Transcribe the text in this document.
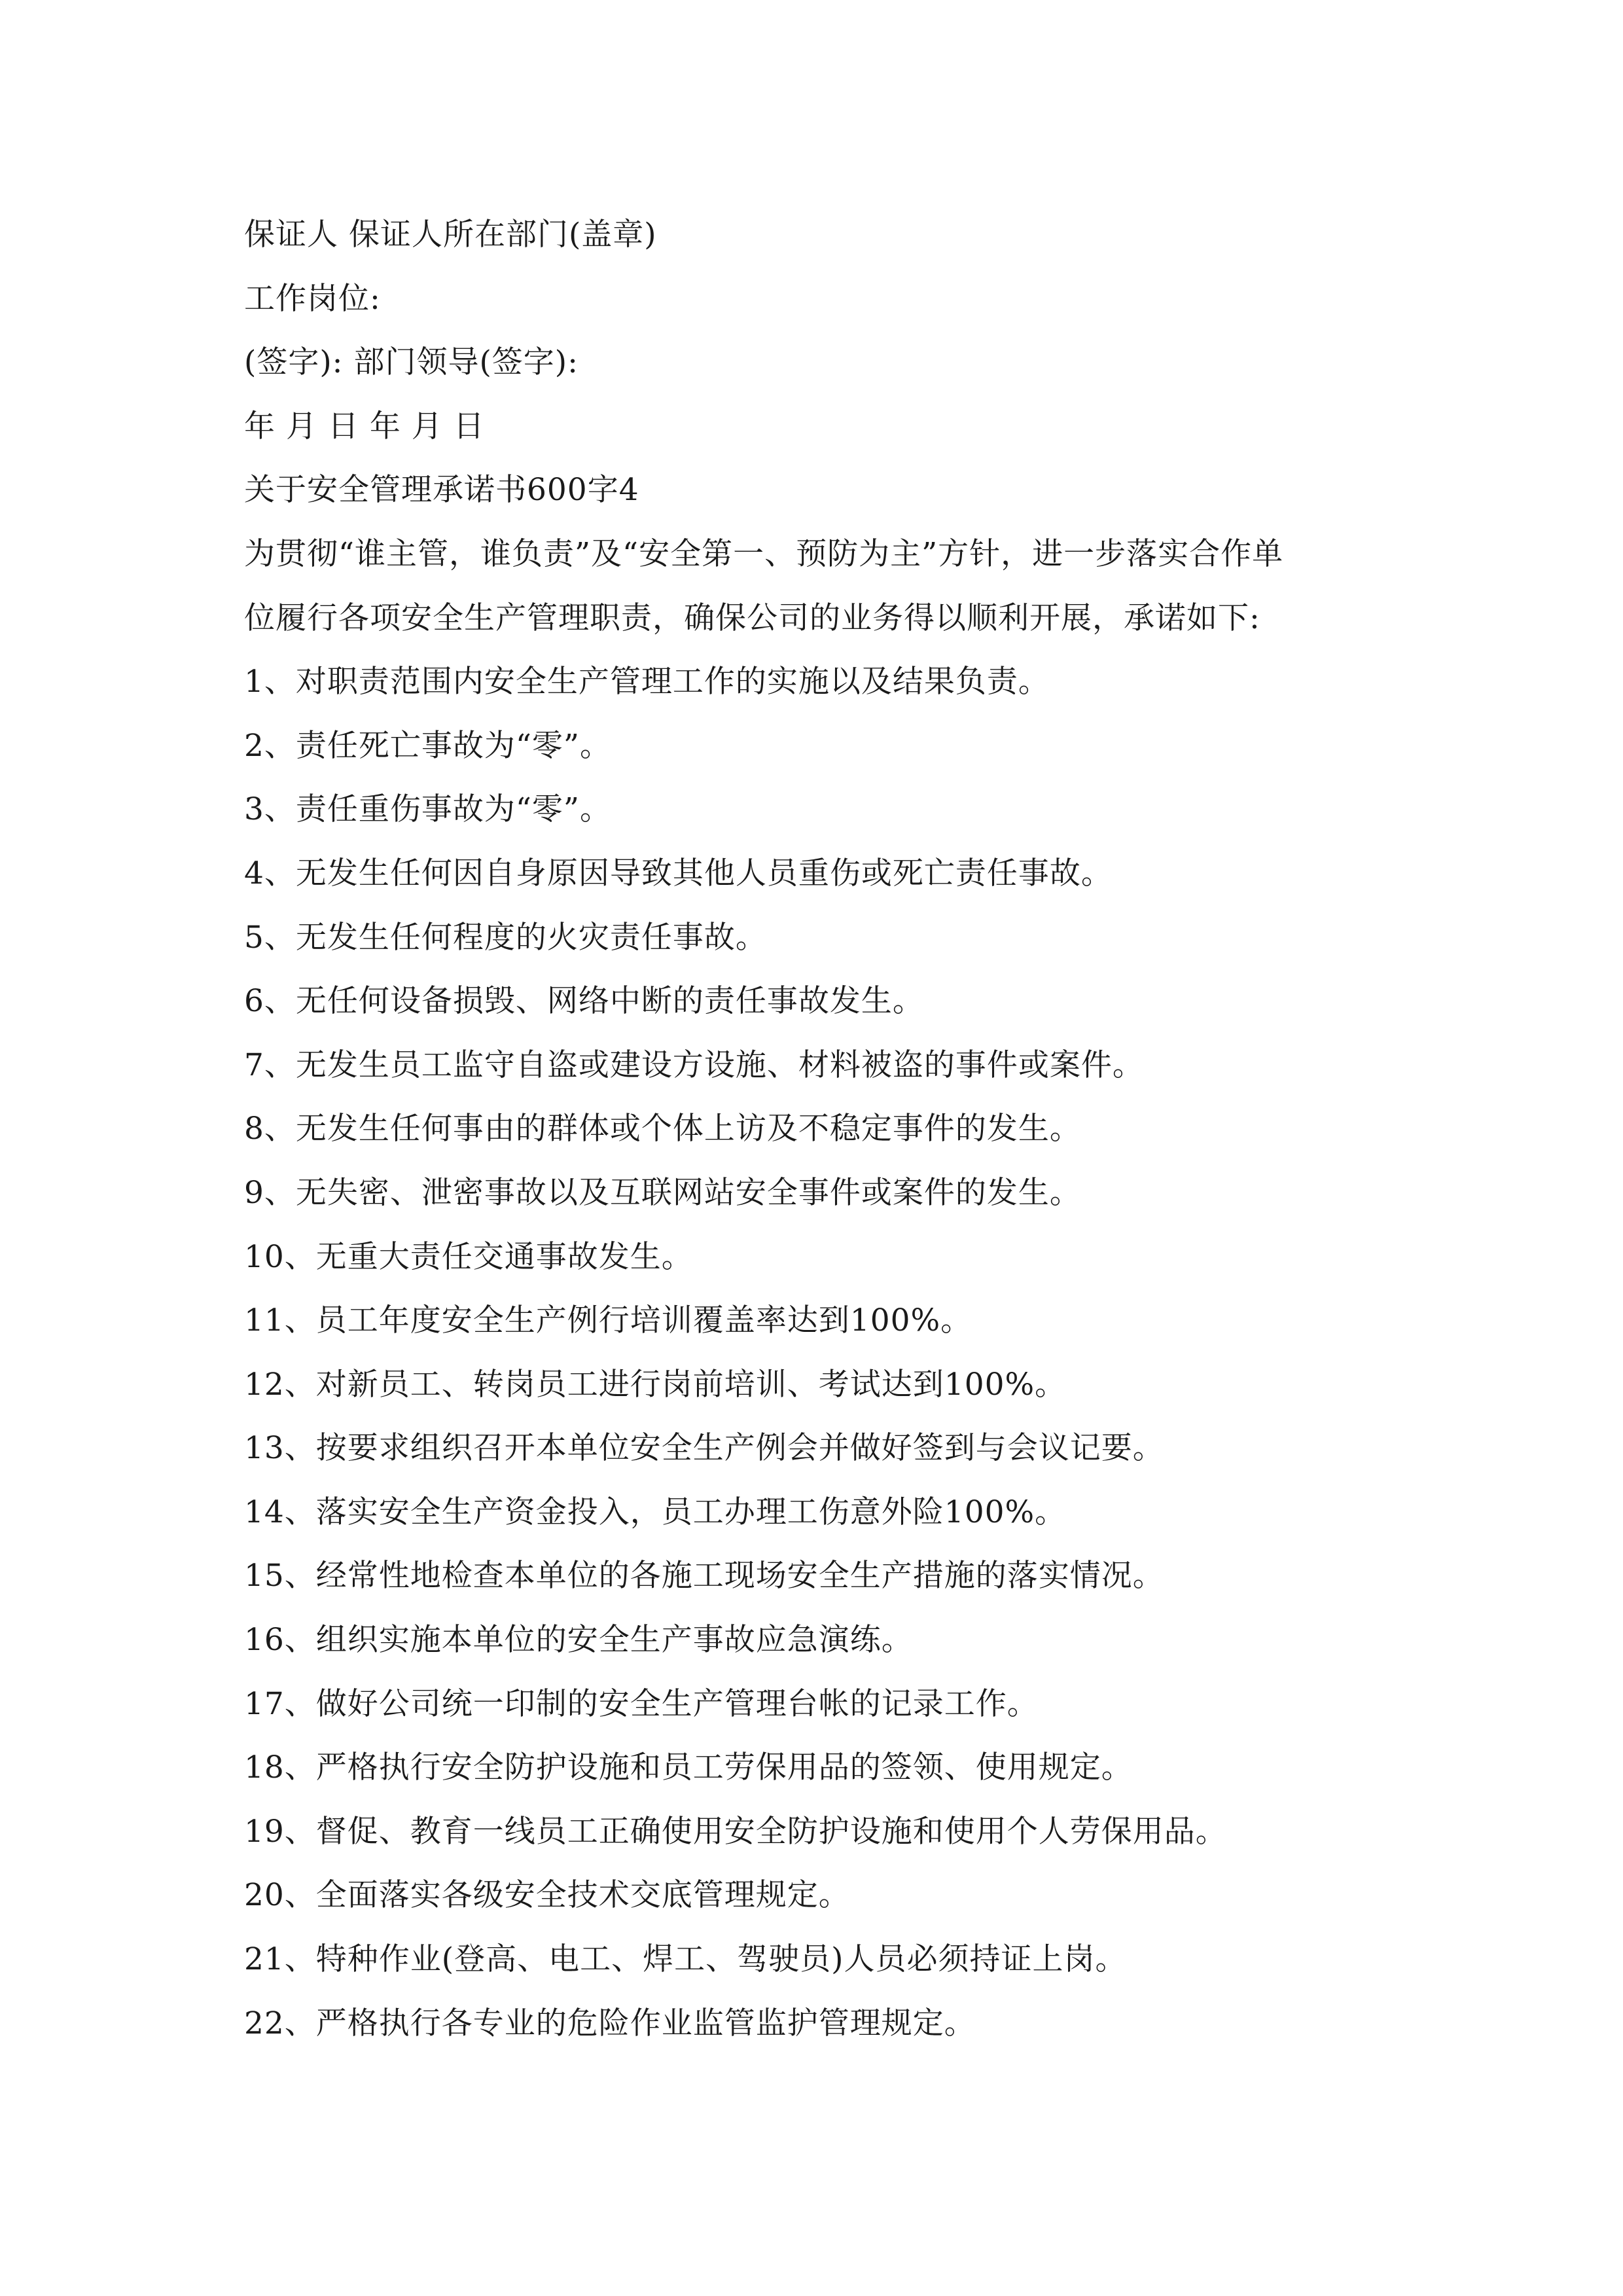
保证人 保证人所在部门(盖章)
工作岗位:
(签字): 部门领导(签字):
年 月 日 年 月 日
关于安全管理承诺书600字4
为贯彻“谁主管，谁负责”及“安全第一、预防为主”方针，进一步落实合作单
位履行各项安全生产管理职责，确保公司的业务得以顺利开展，承诺如下:
1、对职责范围内安全生产管理工作的实施以及结果负责。
2、责任死亡事故为“零”。
3、责任重伤事故为“零”。
4、无发生任何因自身原因导致其他人员重伤或死亡责任事故。
5、无发生任何程度的火灾责任事故。
6、无任何设备损毁、网络中断的责任事故发生。
7、无发生员工监守自盗或建设方设施、材料被盗的事件或案件。
8、无发生任何事由的群体或个体上访及不稳定事件的发生。
9、无失密、泄密事故以及互联网站安全事件或案件的发生。
10、无重大责任交通事故发生。
11、员工年度安全生产例行培训覆盖率达到100%。
12、对新员工、转岗员工进行岗前培训、考试达到100%。
13、按要求组织召开本单位安全生产例会并做好签到与会议记要。
14、落实安全生产资金投入，员工办理工伤意外险100%。
15、经常性地检查本单位的各施工现场安全生产措施的落实情况。
16、组织实施本单位的安全生产事故应急演练。
17、做好公司统一印制的安全生产管理台帐的记录工作。
18、严格执行安全防护设施和员工劳保用品的签领、使用规定。
19、督促、教育一线员工正确使用安全防护设施和使用个人劳保用品。
20、全面落实各级安全技术交底管理规定。
21、特种作业(登高、电工、焊工、驾驶员)人员必须持证上岗。
22、严格执行各专业的危险作业监管监护管理规定。
